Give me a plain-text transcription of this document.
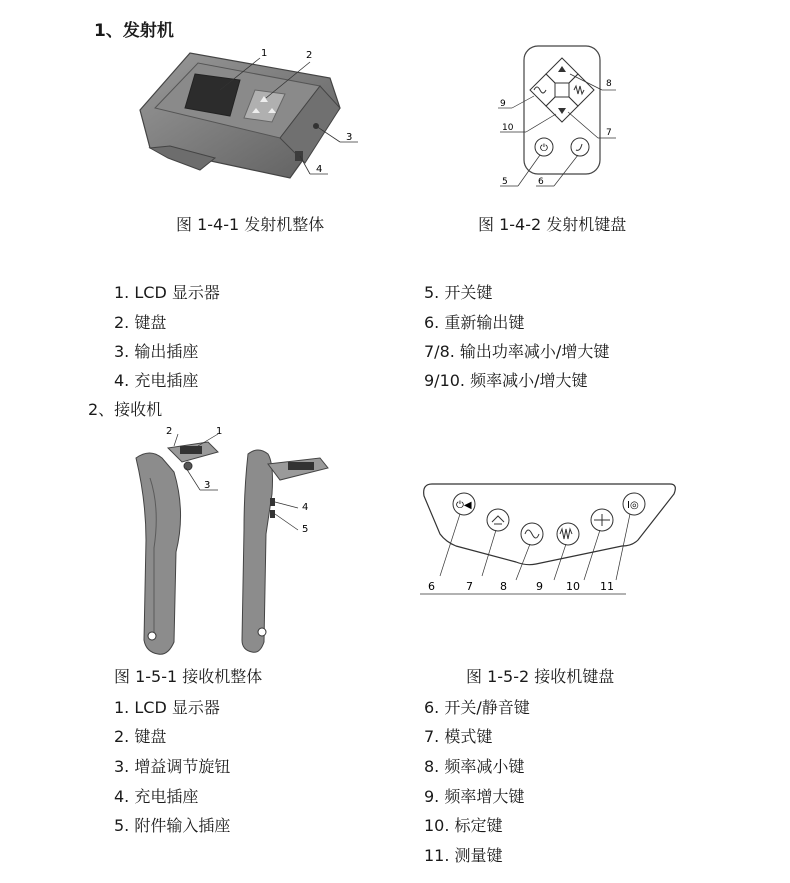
1、发射机
1	2
3
4
图 1-4-1 发射机整体
⏻
8
9
10	7
5	6
图 1-4-2 发射机键盘
1. LCD 显示器
2. 键盘
3. 输出插座
4. 充电插座
5. 开关键
6. 重新输出键
7/8. 输出功率减小/增大键
9/10. 频率减小/增大键
2、接收机
2	1
3
4
5
图 1-5-1 接收机整体
⏻◀	I◎
6	7 8	9 10 11
图 1-5-2 接收机键盘
1. LCD 显示器
2. 键盘
3. 增益调节旋钮
4. 充电插座
5. 附件输入插座
6. 开关/静音键
7. 模式键
8. 频率减小键
9. 频率增大键
10. 标定键
11. 测量键
